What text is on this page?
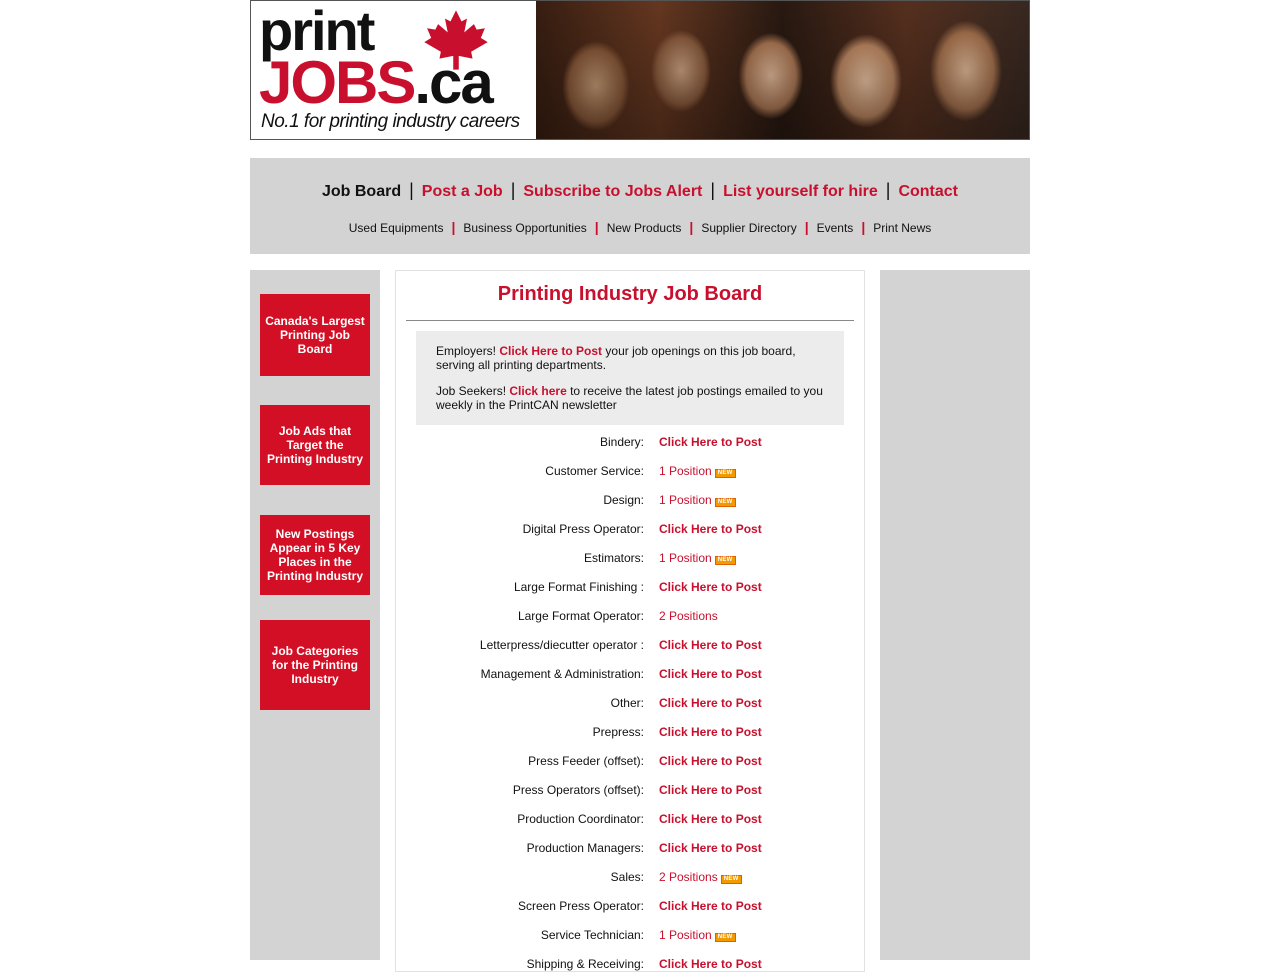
print
JOBS.ca
No.1 for printing industry careers
Job Board | Post a Job | Subscribe to Jobs Alert | List yourself for hire | Contact
Used Equipments | Business Opportunities | New Products | Supplier Directory | Events | Print News
Canada's Largest Printing Job Board
Job Ads that Target the Printing Industry
New Postings Appear in 5 Key Places in the Printing Industry
Job Categories for the Printing Industry
Printing Industry Job Board
Employers! Click Here to Post your job openings on this job board, serving all printing departments.
Job Seekers! Click here to receive the latest job postings emailed to you weekly in the PrintCAN newsletter
Bindery: Click Here to Post
Customer Service: 1 Position NEW
Design: 1 Position NEW
Digital Press Operator: Click Here to Post
Estimators: 1 Position NEW
Large Format Finishing : Click Here to Post
Large Format Operator: 2 Positions
Letterpress/diecutter operator : Click Here to Post
Management & Administration: Click Here to Post
Other: Click Here to Post
Prepress: Click Here to Post
Press Feeder (offset): Click Here to Post
Press Operators (offset): Click Here to Post
Production Coordinator: Click Here to Post
Production Managers: Click Here to Post
Sales: 2 Positions NEW
Screen Press Operator: Click Here to Post
Service Technician: 1 Position NEW
Shipping & Receiving: Click Here to Post
